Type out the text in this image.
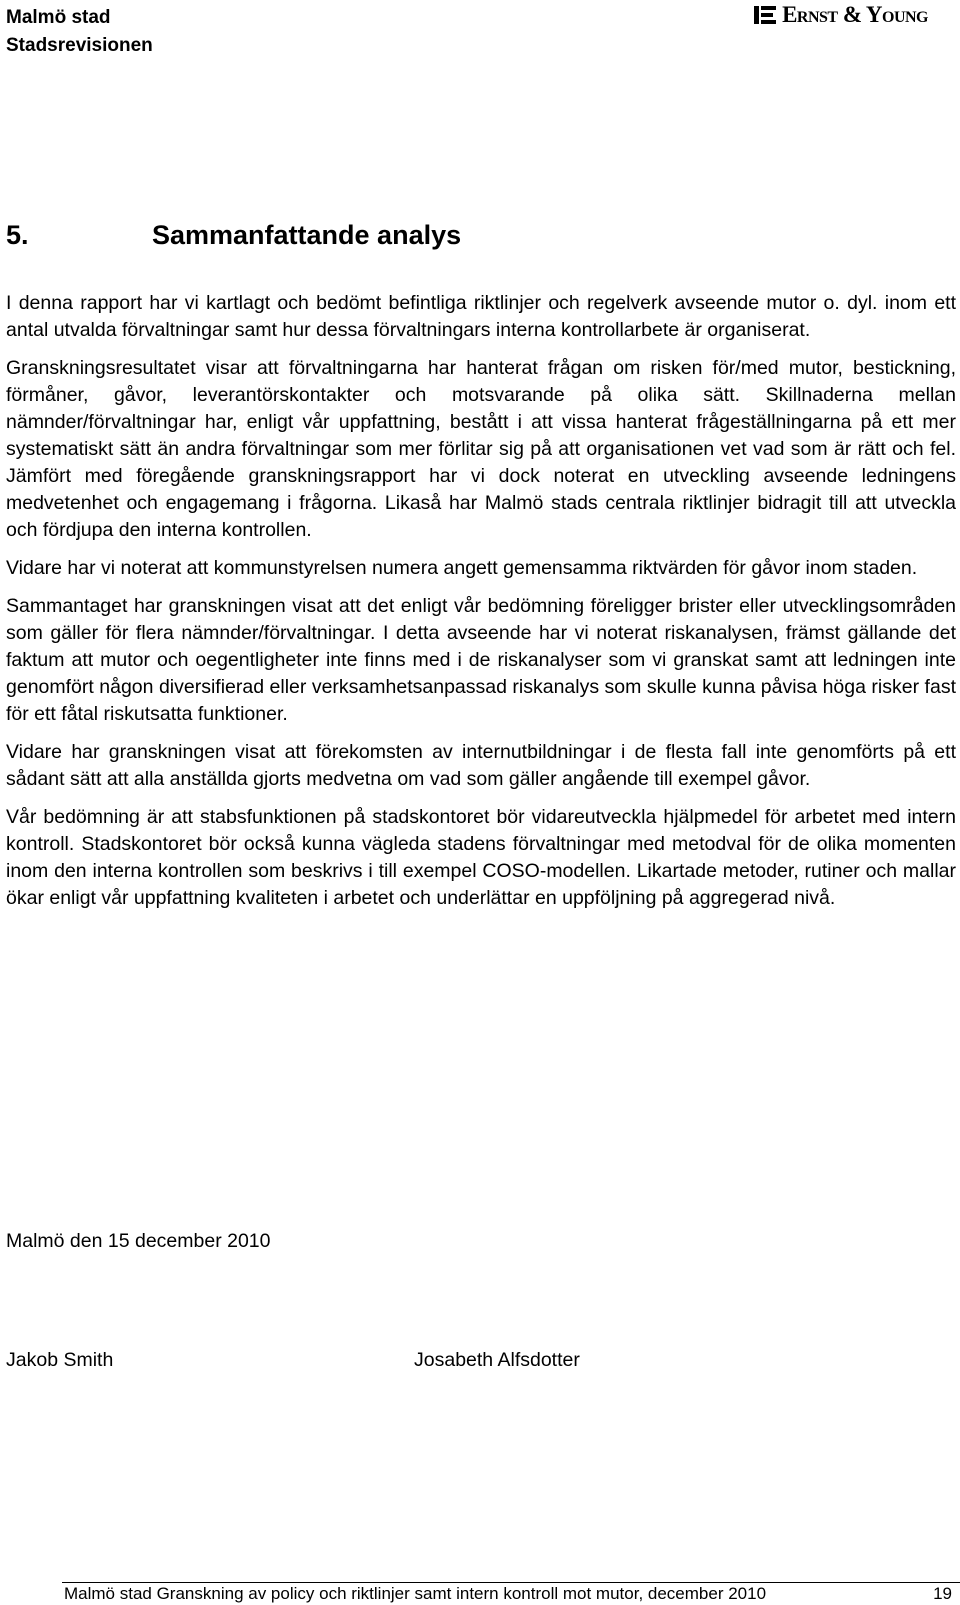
Malmö stad
Stadsrevisionen
Ernst & Young
5.	Sammanfattande analys

I denna rapport har vi kartlagt och bedömt befintliga riktlinjer och regelverk avseende mutor o. dyl. inom ett antal utvalda förvaltningar samt hur dessa förvaltningars interna kontrollarbete är organiserat.

Granskningsresultatet visar att förvaltningarna har hanterat frågan om risken för/med mutor, bestickning, förmåner, gåvor, leverantörskontakter och motsvarande på olika sätt. Skillnaderna mellan nämnder/förvaltningar har, enligt vår uppfattning, bestått i att vissa hanterat frågeställningarna på ett mer systematiskt sätt än andra förvaltningar som mer förlitar sig på att organisationen vet vad som är rätt och fel. Jämfört med föregående granskningsrapport har vi dock noterat en utveckling avseende ledningens medvetenhet och engagemang i frågorna. Likaså har Malmö stads centrala riktlinjer bidragit till att utveckla och fördjupa den interna kontrollen.

Vidare har vi noterat att kommunstyrelsen numera angett gemensamma riktvärden för gåvor inom staden.

Sammantaget har granskningen visat att det enligt vår bedömning föreligger brister eller utvecklingsområden som gäller för flera nämnder/förvaltningar. I detta avseende har vi noterat riskanalysen, främst gällande det faktum att mutor och oegentligheter inte finns med i de riskanalyser som vi granskat samt att ledningen inte genomfört någon diversifierad eller verksamhetsanpassad riskanalys som skulle kunna påvisa höga risker fast för ett fåtal riskutsatta funktioner.

Vidare har granskningen visat att förekomsten av internutbildningar i de flesta fall inte genomförts på ett sådant sätt att alla anställda gjorts medvetna om vad som gäller angående till exempel gåvor.

Vår bedömning är att stabsfunktionen på stadskontoret bör vidareutveckla hjälpmedel för arbetet med intern kontroll. Stadskontoret bör också kunna vägleda stadens förvaltningar med metodval för de olika momenten inom den interna kontrollen som beskrivs i till exempel COSO-modellen. Likartade metoder, rutiner och mallar ökar enligt vår uppfattning kvaliteten i arbetet och underlättar en uppföljning på aggregerad nivå.

Malmö den 15 december 2010
Jakob Smith	Josabeth Alfsdotter
Malmö stad Granskning av policy och riktlinjer samt intern kontroll mot mutor, december 2010	19
